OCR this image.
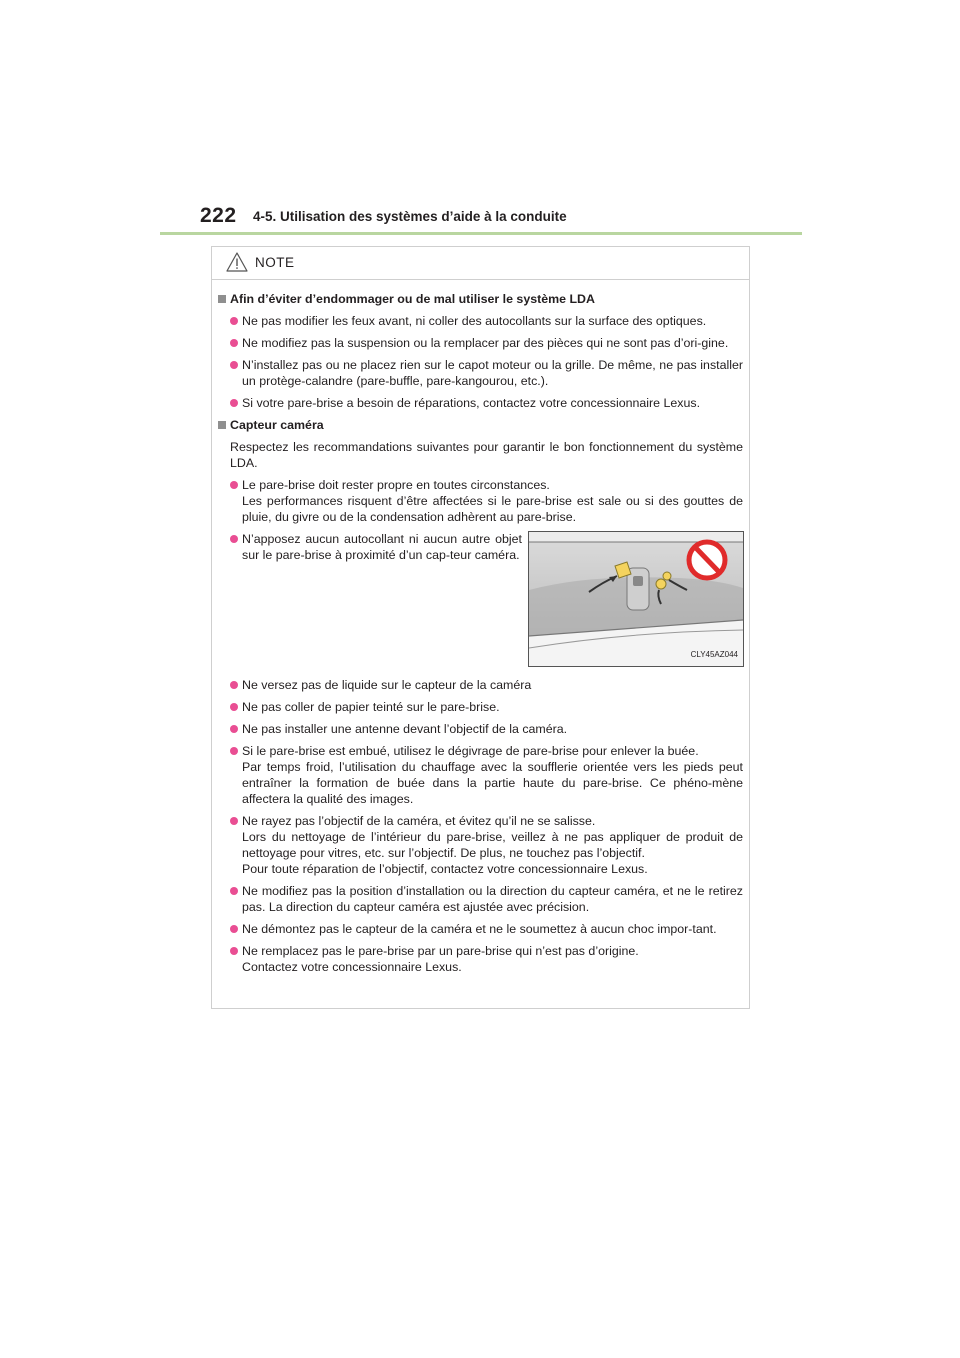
222 4-5. Utilisation des systèmes d’aide à la conduite
NOTE
Afin d’éviter d’endommager ou de mal utiliser le système LDA
Ne pas modifier les feux avant, ni coller des autocollants sur la surface des optiques.
Ne modifiez pas la suspension ou la remplacer par des pièces qui ne sont pas d’ori-gine.
N’installez pas ou ne placez rien sur le capot moteur ou la grille. De même, ne pas installer un protège-calandre (pare-buffle, pare-kangourou, etc.).
Si votre pare-brise a besoin de réparations, contactez votre concessionnaire Lexus.
Capteur caméra
Respectez les recommandations suivantes pour garantir le bon fonctionnement du système LDA.
Le pare-brise doit rester propre en toutes circonstances.
Les performances risquent d’être affectées si le pare-brise est sale ou si des gouttes de pluie, du givre ou de la condensation adhèrent au pare-brise.
N’apposez aucun autocollant ni aucun autre objet sur le pare-brise à proximité d’un cap-teur caméra.
CLY45AZ044
Ne versez pas de liquide sur le capteur de la caméra
Ne pas coller de papier teinté sur le pare-brise.
Ne pas installer une antenne devant l’objectif de la caméra.
Si le pare-brise est embué, utilisez le dégivrage de pare-brise pour enlever la buée.
Par temps froid, l’utilisation du chauffage avec la soufflerie orientée vers les pieds peut entraîner la formation de buée dans la partie haute du pare-brise. Ce phéno-mène affectera la qualité des images.
Ne rayez pas l’objectif de la caméra, et évitez qu’il ne se salisse.
Lors du nettoyage de l’intérieur du pare-brise, veillez à ne pas appliquer de produit de nettoyage pour vitres, etc. sur l’objectif. De plus, ne touchez pas l’objectif.
Pour toute réparation de l’objectif, contactez votre concessionnaire Lexus.
Ne modifiez pas la position d’installation ou la direction du capteur caméra, et ne le retirez pas. La direction du capteur caméra est ajustée avec précision.
Ne démontez pas le capteur de la caméra et ne le soumettez à aucun choc impor-tant.
Ne remplacez pas le pare-brise par un pare-brise qui n’est pas d’origine.
Contactez votre concessionnaire Lexus.
